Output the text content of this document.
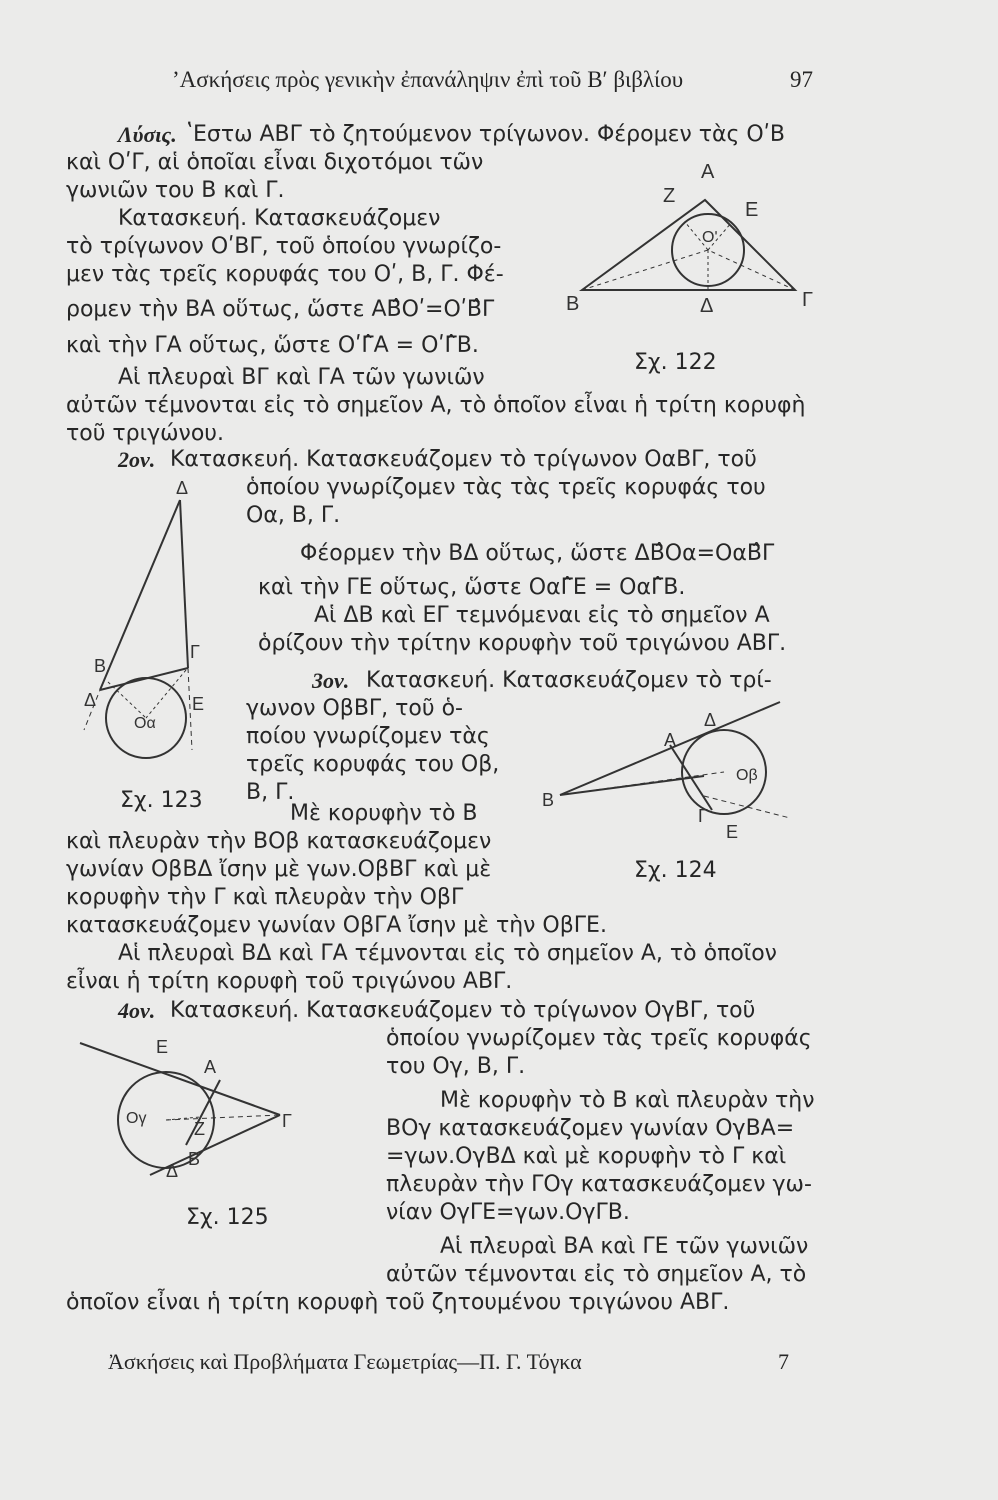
ʼΑσκήσεις πρὸς γενικὴν ἐπανάληψιν ἐπὶ τοῦ Βʹ βιβλίου	97
Λύσις. ʽΕστω ΑΒΓ τὸ ζητούμενον τρίγωνον. Φέρομεν τὰς ΟʹΒ
καὶ ΟʹΓ, αἱ ὁποῖαι εἶναι διχοτόμοι τῶν
γωνιῶν του Β καὶ Γ.
Κατασκευή. Κατασκευάζομεν
τὸ τρίγωνον ΟʹΒΓ, τοῦ ὁποίου γνωρίζο-
μεν τὰς τρεῖς κορυφάς του Οʹ, Β, Γ. Φέ-
ρομεν τὴν ΒΑ οὕτως, ὥστε ΑΒ̂Οʹ=ΟʹΒ̂Γ
καὶ τὴν ΓΑ οὕτως, ὥστε ΟʹΓ̂Α = ΟʹΓ̂Β.
Αἱ πλευραὶ ΒΓ καὶ ΓΑ τῶν γωνιῶν
αὐτῶν τέμνονται εἰς τὸ σημεῖον Α, τὸ ὁποῖον εἶναι ἡ τρίτη κορυφὴ
τοῦ τριγώνου.
Α
Ζ
Ε
Οʹ
Β	Δ	Γ
Σχ. 122
2ον. Κατασκευή. Κατασκευάζομεν τὸ τρίγωνον ΟαΒΓ, τοῦ
ὁποίου γνωρίζομεν τὰς τὰς τρεῖς κορυφάς του
Οα, Β, Γ.
Φέορμεν τὴν ΒΔ οὕτως, ὥστε ΔΒ̂Οα=ΟαΒ̂Γ
καὶ τὴν ΓΕ οὕτως, ὥστε ΟαΓ̂Ε = ΟαΓ̂Β.
Αἱ ΔΒ καὶ ΕΓ τεμνόμεναι εἰς τὸ σημεῖον Α
ὁρίζουν τὴν τρίτην κορυφὴν τοῦ τριγώνου ΑΒΓ.
Δ
Β
Γ
Δ	Ε
Οα
Σχ. 123
3ον. Κατασκευή. Κατασκευάζομεν τὸ τρί-
γωνον ΟβΒΓ, τοῦ ὁ-
ποίου γνωρίζομεν τὰς
τρεῖς κορυφάς του Οβ,
Β, Γ.
Μὲ κορυφὴν τὸ Β
καὶ πλευρὰν τὴν ΒΟβ κατασκευάζομεν
γωνίαν ΟβΒΔ ἴσην μὲ γων.ΟβΒΓ καὶ μὲ
κορυφὴν τὴν Γ καὶ πλευρὰν τὴν ΟβΓ
κατασκευάζομεν γωνίαν ΟβΓΑ ἴσην μὲ τὴν ΟβΓΕ.
Αἱ πλευραὶ ΒΔ καὶ ΓΑ τέμνονται εἰς τὸ σημεῖον Α, τὸ ὁποῖον
εἶναι ἡ τρίτη κορυφὴ τοῦ τριγώνου ΑΒΓ.
Δ
Α
Οβ
Β
Γ
Ε
Σχ. 124
4ον. Κατασκευή. Κατασκευάζομεν τὸ τρίγωνον ΟγΒΓ, τοῦ
ὁποίου γνωρίζομεν τὰς τρεῖς κορυφάς
του Ογ, Β, Γ.
Μὲ κορυφὴν τὸ Β καὶ πλευρὰν τὴν
ΒΟγ κατασκευάζομεν γωνίαν ΟγΒΑ=
=γων.ΟγΒΔ καὶ μὲ κορυφὴν τὸ Γ καὶ
πλευρὰν τὴν ΓΟγ κατασκευάζομεν γω-
νίαν ΟγΓΕ=γων.ΟγΓΒ.
Αἱ πλευραὶ ΒΑ καὶ ΓΕ τῶν γωνιῶν
αὐτῶν τέμνονται εἰς τὸ σημεῖον Α, τὸ
ὁποῖον εἶναι ἡ τρίτη κορυφὴ τοῦ ζητουμένου τριγώνου ΑΒΓ.
Ε
Α
Ογ
Ζ	Γ
Δ
Β
Σχ. 125
Ἀσκήσεις καὶ Προβλήματα Γεωμετρίας—Π. Γ. Τόγκα	7
